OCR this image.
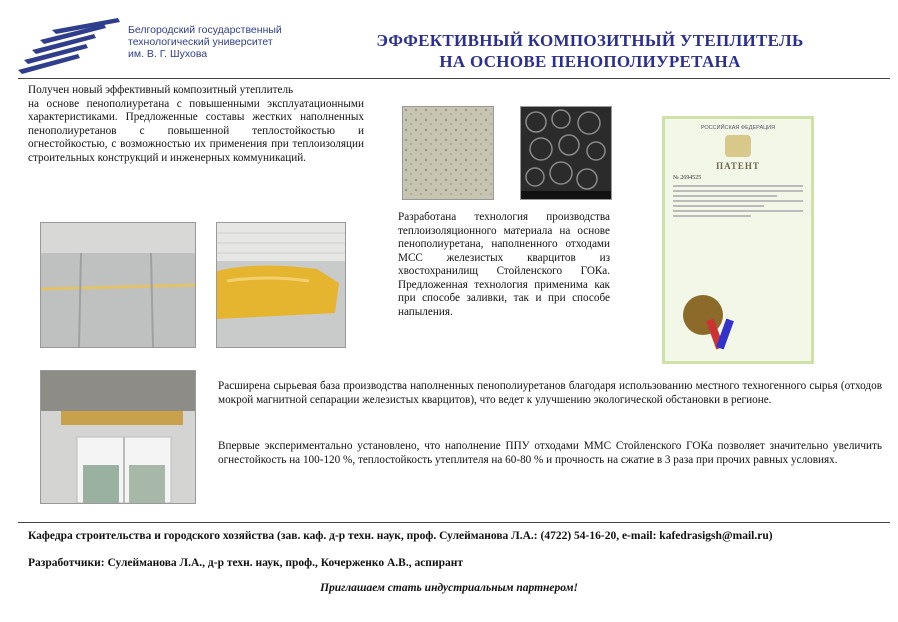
Белгородский государственный
технологический университет
им. В. Г. Шухова
ЭФФЕКТИВНЫЙ КОМПОЗИТНЫЙ УТЕПЛИТЕЛЬ
НА ОСНОВЕ ПЕНОПОЛИУРЕТАНА
Получен новый эффективный композитный утеплитель
на основе пенополиуретана с повышенными эксплуатационными характеристиками. Предложенные составы жестких наполненных пенополиуретанов с повышенной теплостойкостью и огнестойкостью, с возможностью их применения при теплоизоляции строительных конструкций и инженерных коммуникаций.
РОССИЙСКАЯ ФЕДЕРАЦИЯ
ПАТЕНТ
№ 2694525
Разработана технология производства теплоизоляционного материала на основе пенополиуретана, наполненного отходами МСС железистых кварцитов из хвостохранилищ Стойленского ГОКа. Предложенная технология применима как при способе заливки, так и при способе напыления.
Расширена сырьевая база производства наполненных пенополиуретанов благодаря использованию местного техногенного сырья (отходов мокрой магнитной сепарации железистых кварцитов), что ведет к улучшению экологической обстановки в регионе.
Впервые экспериментально установлено, что наполнение ППУ отходами ММС Стойленского ГОКа позволяет значительно увеличить огнестойкость на 100-120 %, теплостойкость утеплителя на 60-80 % и прочность на сжатие в 3 раза при прочих равных условиях.
Кафедра строительства и городского хозяйства (зав. каф. д-р техн. наук, проф. Сулейманова Л.А.: (4722) 54-16-20, e-mail: kafedrasigsh@mail.ru)
Разработчики: Сулейманова Л.А., д-р техн. наук, проф., Кочерженко А.В., аспирант
Приглашаем стать индустриальным партнером!
